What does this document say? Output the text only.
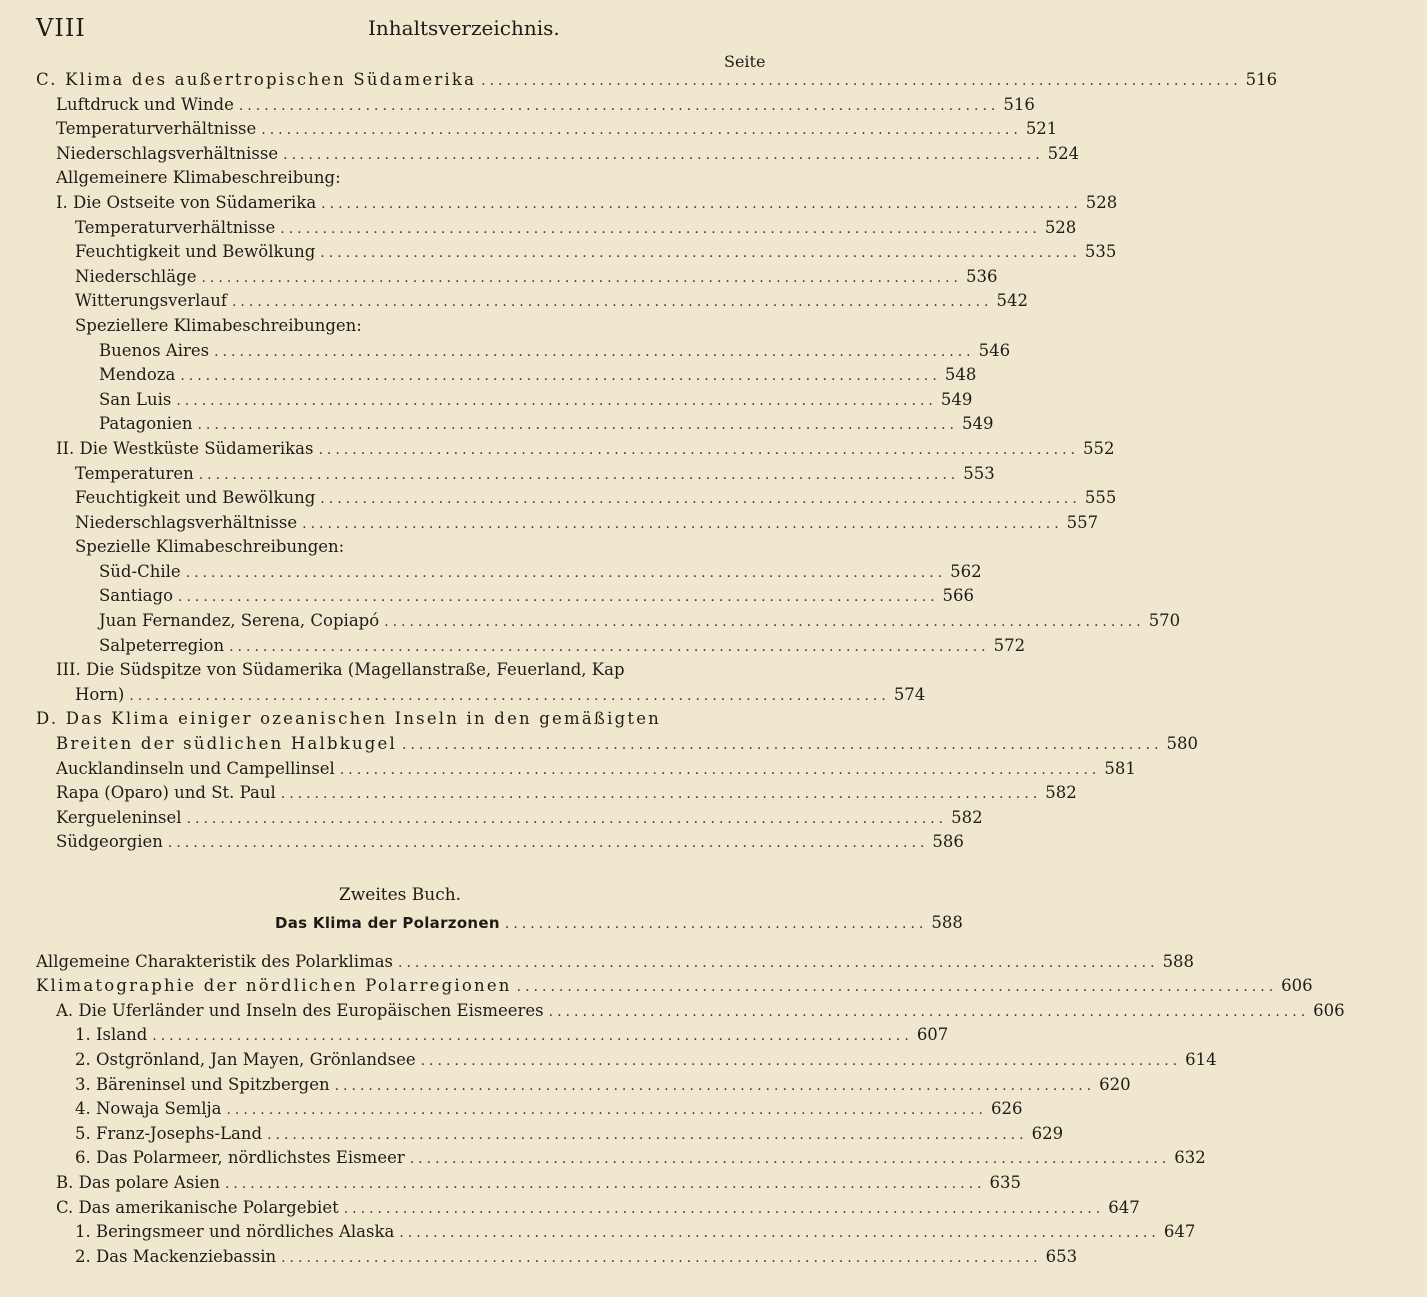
VIII	Inhaltsverzeichnis.
Seite
C. Klima des außertropischen Südamerika .......................................................................................... 516
Luftdruck und Winde .......................................................................................... 516
Temperaturverhältnisse .......................................................................................... 521
Niederschlagsverhältnisse .......................................................................................... 524
Allgemeinere Klimabeschreibung:
I. Die Ostseite von Südamerika .......................................................................................... 528
Temperaturverhältnisse .......................................................................................... 528
Feuchtigkeit und Bewölkung .......................................................................................... 535
Niederschläge .......................................................................................... 536
Witterungsverlauf .......................................................................................... 542
Speziellere Klimabeschreibungen:
Buenos Aires .......................................................................................... 546
Mendoza .......................................................................................... 548
San Luis .......................................................................................... 549
Patagonien .......................................................................................... 549
II. Die Westküste Südamerikas .......................................................................................... 552
Temperaturen .......................................................................................... 553
Feuchtigkeit und Bewölkung .......................................................................................... 555
Niederschlagsverhältnisse .......................................................................................... 557
Spezielle Klimabeschreibungen:
Süd-Chile .......................................................................................... 562
Santiago .......................................................................................... 566
Juan Fernandez, Serena, Copiapó .......................................................................................... 570
Salpeterregion .......................................................................................... 572
III. Die Südspitze von Südamerika (Magellanstraße, Feuerland, Kap
Horn) .......................................................................................... 574
D. Das Klima einiger ozeanischen Inseln in den gemäßigten
Breiten der südlichen Halbkugel .......................................................................................... 580
Aucklandinseln und Campellinsel .......................................................................................... 581
Rapa (Oparo) und St. Paul .......................................................................................... 582
Kergueleninsel .......................................................................................... 582
Südgeorgien .......................................................................................... 586
Zweites Buch.
Das Klima der Polarzonen .................................................. 588
Allgemeine Charakteristik des Polarklimas .......................................................................................... 588
Klimatographie der nördlichen Polarregionen .......................................................................................... 606
A. Die Uferländer und Inseln des Europäischen Eismeeres .......................................................................................... 606
1. Island .......................................................................................... 607
2. Ostgrönland, Jan Mayen, Grönlandsee .......................................................................................... 614
3. Bäreninsel und Spitzbergen .......................................................................................... 620
4. Nowaja Semlja .......................................................................................... 626
5. Franz-Josephs-Land .......................................................................................... 629
6. Das Polarmeer, nördlichstes Eismeer .......................................................................................... 632
B. Das polare Asien .......................................................................................... 635
C. Das amerikanische Polargebiet .......................................................................................... 647
1. Beringsmeer und nördliches Alaska .......................................................................................... 647
2. Das Mackenziebassin .......................................................................................... 653
